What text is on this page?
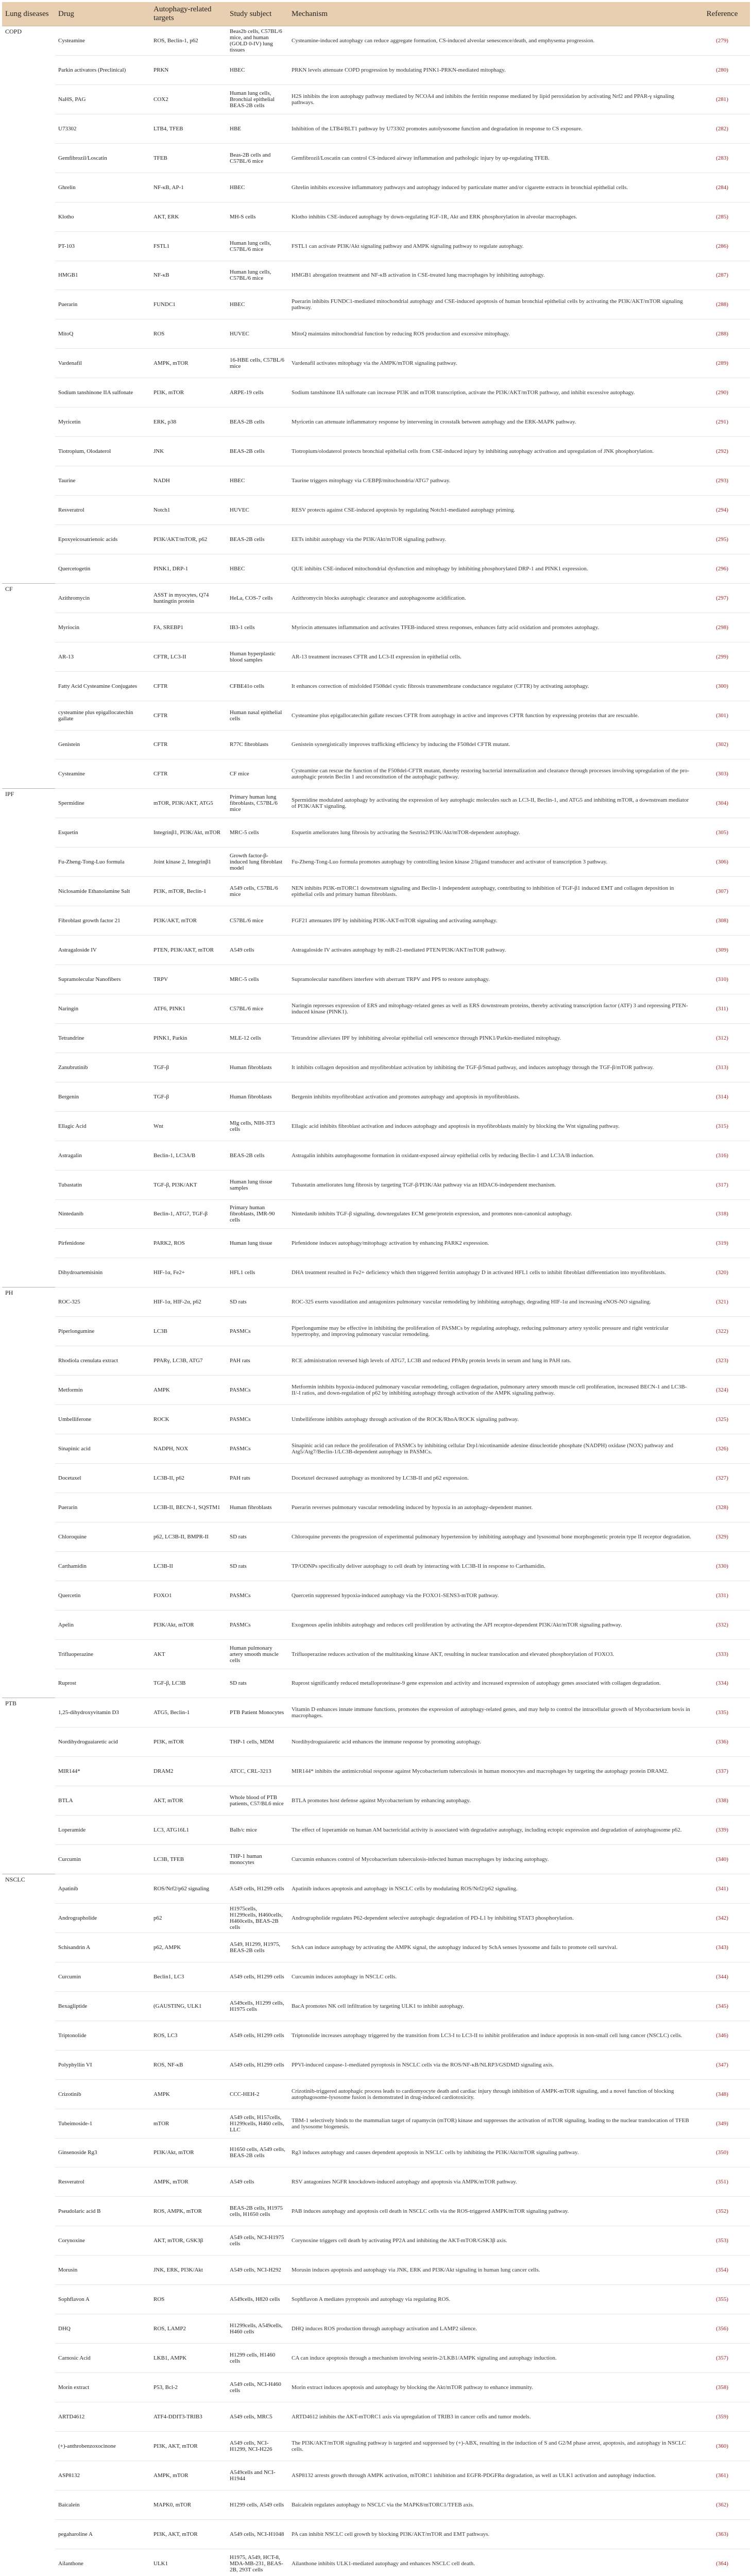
Lung diseases	Drug	Autophagy-related targets	Study subject	Mechanism	Reference
COPD	Cysteamine	ROS, Beclin-1, p62	Beas2b cells, C57BL/6 mice, and human (GOLD 0-IV) lung tissues	Cysteamine-induced autophagy can reduce aggregate formation, CS-induced alveolar senescence/death, and emphysema progression.	(279)
	Parkin activators (Preclinical)	PRKN	HBEC	PRKN levels attenuate COPD progression by modulating PINK1-PRKN-mediated mitophagy.	(280)
	NaHS, PAG	COX2	Human lung cells, Bronchial epithelial BEAS-2B cells	H2S inhibits the iron autophagy pathway mediated by NCOA4 and inhibits the ferritin response mediated by lipid peroxidation by activating Nrf2 and PPAR-γ signaling pathways.	(281)
	U73302	LTB4, TFEB	HBE	Inhibition of the LTB4/BLT1 pathway by U73302 promotes autolysosome function and degradation in response to CS exposure.	(282)
	Gemfibrozil/Loscatin	TFEB	Beas-2B cells and C57BL/6 mice	Gemfibrozil/Loscatin can control CS-induced airway inflammation and pathologic injury by up-regulating TFEB.	(283)
	Ghrelin	NF-κB, AP-1	HBEC	Ghrelin inhibits excessive inflammatory pathways and autophagy induced by particulate matter and/or cigarette extracts in bronchial epithelial cells.	(284)
	Klotho	AKT, ERK	MH-S cells	Klotho inhibits CSE-induced autophagy by down-regulating IGF-1R, Akt and ERK phosphorylation in alveolar macrophages.	(285)
	PT-103	FSTL1	Human lung cells, C57BL/6 mice	FSTL1 can activate PI3K/Akt signaling pathway and AMPK signaling pathway to regulate autophagy.	(286)
	HMGB1	NF-κB	Human lung cells, C57BL/6 mice	HMGB1 abrogation treatment and NF-κB activation in CSE-treated lung macrophages by inhibiting autophagy.	(287)
	Puerarin	FUNDC1	HBEC	Puerarin inhibits FUNDC1-mediated mitochondrial autophagy and CSE-induced apoptosis of human bronchial epithelial cells by activating the PI3K/AKT/mTOR signaling pathway.	(288)
	MitoQ	ROS	HUVEC	MitoQ maintains mitochondrial function by reducing ROS production and excessive mitophagy.	(288)
	Vardenafil	AMPK, mTOR	16-HBE cells, C57BL/6 mice	Vardenafil activates mitophagy via the AMPK/mTOR signaling pathway.	(289)
	Sodium tanshinone IIA sulfonate	PI3K, mTOR	ARPE-19 cells	Sodium tanshinone IIA sulfonate can increase PI3K and mTOR transcription, activate the PI3K/AKT/mTOR pathway, and inhibit excessive autophagy.	(290)
	Myricetin	ERK, p38	BEAS-2B cells	Myricetin can attenuate inflammatory response by intervening in crosstalk between autophagy and the ERK-MAPK pathway.	(291)
	Tiotropium, Olodaterol	JNK	BEAS-2B cells	Tiotropium/olodaterol protects bronchial epithelial cells from CSE-induced injury by inhibiting autophagy activation and upregulation of JNK phosphorylation.	(292)
	Taurine	NADH	HBEC	Taurine triggers mitophagy via C/EBPβ/mitochondria/ATG7 pathway.	(293)
	Resveratrol	Notch1	HUVEC	RESV protects against CSE-induced apoptosis by regulating Notch1-mediated autophagy priming.	(294)
	Epoxyeicosatrienoic acids	PI3K/AKT/mTOR, p62	BEAS-2B cells	EETs inhibit autophagy via the PI3K/Akt/mTOR signaling pathway.	(295)
	Quercetogetin	PINK1, DRP-1	HBEC	QUE inhibits CSE-induced mitochondrial dysfunction and mitophagy by inhibiting phosphorylated DRP-1 and PINK1 expression.	(296)
CF	Azithromycin	ASST in myocytes, Q74 huntingtin protein	HeLa, COS-7 cells	Azithromycin blocks autophagic clearance and autophagosome acidification.	(297)
	Myriocin	FA, SREBP1	IB3-1 cells	Myriocin attenuates inflammation and activates TFEB-induced stress responses, enhances fatty acid oxidation and promotes autophagy.	(298)
	AR-13	CFTR, LC3-II	Human hyperplastic blood samples	AR-13 treatment increases CFTR and LC3-II expression in epithelial cells.	(299)
	Fatty Acid Cysteamine Conjugates	CFTR	CFBE41o cells	It enhances correction of misfolded F508del cystic fibrosis transmembrane conductance regulator (CFTR) by activating autophagy.	(300)
	cysteamine plus epigallocatechin gallate	CFTR	Human nasal epithelial cells	Cysteamine plus epigallocatechin gallate rescues CFTR from autophagy in active and improves CFTR function by expressing proteins that are rescuable.	(301)
	Genistein	CFTR	R77C fibroblasts	Genistein synergistically improves trafficking efficiency by inducing the F508del CFTR mutant.	(302)
	Cysteamine	CFTR	CF mice	Cysteamine can rescue the function of the F508del-CFTR mutant, thereby restoring bacterial internalization and clearance through processes involving upregulation of the pro-autophagic protein Beclin 1 and reconstitution of the autophagic pathway.	(303)
IPF	Spermidine	mTOR, PI3K/AKT, ATG5	Primary human lung fibroblasts, C57BL/6 mice	Spermidine modulated autophagy by activating the expression of key autophagic molecules such as LC3-II, Beclin-1, and ATG5 and inhibiting mTOR, a downstream mediator of PI3K/AKT signaling.	(304)
	Esquetin	Integrinβ1, PI3K/Akt, mTOR	MRC-5 cells	Esquetin ameliorates lung fibrosis by activating the Sestrin2/PI3K/Akt/mTOR-dependent autophagy.	(305)
	Fu-Zheng-Tong-Luo formula	Joint kinase 2, Integrinβ1	Growth factor-β-induced lung fibroblast model	Fu-Zheng-Tong-Luo formula promotes autophagy by controlling lesion kinase 2/ligand transducer and activator of transcription 3 pathway.	(306)
	Niclosamide Ethanolamine Salt	PI3K, mTOR, Beclin-1	A549 cells, C57BL/6 mice	NEN inhibits PI3K-mTORC1 downstream signaling and Beclin-1 independent autophagy, contributing to inhibition of TGF-β1 induced EMT and collagen deposition in epithelial cells and primary human fibroblasts.	(307)
	Fibroblast growth factor 21	PI3K/AKT, mTOR	C57BL/6 mice	FGF21 attenuates IPF by inhibiting PI3K-AKT-mTOR signaling and activating autophagy.	(308)
	Astragaloside IV	PTEN, PI3K/AKT, mTOR	A549 cells	Astragaloside IV activates autophagy by miR-21-mediated PTEN/PI3K/AKT/mTOR pathway.	(309)
	Supramolecular Nanofibers	TRPV	MRC-5 cells	Supramolecular nanofibers interfere with aberrant TRPV and PPS to restore autophagy.	(310)
	Naringin	ATF6, PINK1	C57BL/6 mice	Naringin represses expression of ERS and mitophagy-related genes as well as ERS downstream proteins, thereby activating transcription factor (ATF) 3 and repressing PTEN-induced kinase (PINK1).	(311)
	Tetrandrine	PINK1, Parkin	MLE-12 cells	Tetrandrine alleviates IPF by inhibiting alveolar epithelial cell senescence through PINK1/Parkin-mediated mitophagy.	(312)
	Zanubrutinib	TGF-β	Human fibroblasts	It inhibits collagen deposition and myofibroblast activation by inhibiting the TGF-β/Smad pathway, and induces autophagy through the TGF-β/mTOR pathway.	(313)
	Bergenin	TGF-β	Human fibroblasts	Bergenin inhibits myofibroblast activation and promotes autophagy and apoptosis in myofibroblasts.	(314)
	Ellagic Acid	Wnt	Mlg cells, NIH-3T3 cells	Ellagic acid inhibits fibroblast activation and induces autophagy and apoptosis in myofibroblasts mainly by blocking the Wnt signaling pathway.	(315)
	Astragalin	Beclin-1, LC3A/B	BEAS-2B cells	Astragalin inhibits autophagosome formation in oxidant-exposed airway epithelial cells by reducing Beclin-1 and LC3A/B induction.	(316)
	Tubastatin	TGF-β, PI3K/AKT	Human lung tissue samples	Tubastatin ameliorates lung fibrosis by targeting TGF-β/PI3K/Akt pathway via an HDAC6-independent mechanism.	(317)
	Nintedanib	Beclin-1, ATG7, TGF-β	Primary human fibroblasts, IMR-90 cells	Nintedanib inhibits TGF-β signaling, downregulates ECM gene/protein expression, and promotes non-canonical autophagy.	(318)
	Pirfenidone	PARK2, ROS	Human lung tissue	Pirfenidone induces autophagy/mitophagy activation by enhancing PARK2 expression.	(319)
	Dihydroartemisinin	HIF-1α, Fe2+	HFL1 cells	DHA treatment resulted in Fe2+ deficiency which then triggered ferritin autophagy D in activated HFL1 cells to inhibit fibroblast differentiation into myofibroblasts.	(320)
PH	ROC-325	HIF-1α, HIF-2α, p62	SD rats	ROC-325 exerts vasodilation and antagonizes pulmonary vascular remodeling by inhibiting autophagy, degrading HIF-1α and increasing eNOS-NO signaling.	(321)
	Piperlongumine	LC3B	PASMCs	Piperlongumine may be effective in inhibiting the proliferation of PASMCs by regulating autophagy, reducing pulmonary artery systolic pressure and right ventricular hypertrophy, and improving pulmonary vascular remodeling.	(322)
	Rhodiola crenulata extract	PPARγ, LC3B, ATG7	PAH rats	RCE administration reversed high levels of ATG7, LC3B and reduced PPARγ protein levels in serum and lung in PAH rats.	(323)
	Metformin	AMPK	PASMCs	Metformin inhibits hypoxia-induced pulmonary vascular remodeling, collagen degradation, pulmonary artery smooth muscle cell proliferation, increased BECN-1 and LC3B-II/-I ratios, and down-regulation of p62 by inhibiting autophagy through activation of the AMPK signaling pathway.	(324)
	Umbelliferone	ROCK	PASMCs	Umbelliferone inhibits autophagy through activation of the ROCK/RhoA/ROCK signaling pathway.	(325)
	Sinapinic acid	NADPH, NOX	PASMCs	Sinapinic acid can reduce the proliferation of PASMCs by inhibiting cellular Drp1/nicotinamide adenine dinucleotide phosphate (NADPH) oxidase (NOX) pathway and Atg5/Atg7/Beclin-1/LC3B-dependent autophagy in PASMCs.	(326)
	Docetaxel	LC3B-II, p62	PAH rats	Docetaxel decreased autophagy as monitored by LC3B-II and p62 expression.	(327)
	Puerarin	LC3B-II, BECN-1, SQSTM1	Human fibroblasts	Puerarin reverses pulmonary vascular remodeling induced by hypoxia in an autophagy-dependent manner.	(328)
	Chloroquine	p62, LC3B-II, BMPR-II	SD rats	Chloroquine prevents the progression of experimental pulmonary hypertension by inhibiting autophagy and lysosomal bone morphogenetic protein type II receptor degradation.	(329)
	Carthamidin	LC3B-II	SD rats	TP/ODNPs specifically deliver autophagy to cell death by interacting with LC3B-II in response to Carthamidin.	(330)
	Quercetin	FOXO1	PASMCs	Quercetin suppressed hypoxia-induced autophagy via the FOXO1-SENS3-mTOR pathway.	(331)
	Apelin	PI3K/Akt, mTOR	PASMCs	Exogenous apelin inhibits autophagy and reduces cell proliferation by activating the API receptor-dependent PI3K/Akt/mTOR signaling pathway.	(332)
	Trifluoperazine	AKT	Human pulmonary artery smooth muscle cells	Trifluoperazine reduces activation of the multitasking kinase AKT, resulting in nuclear translocation and elevated phosphorylation of FOXO3.	(333)
	Ruprost	TGF-β, LC3B	SD rats	Ruprost significantly reduced metalloproteinase-9 gene expression and activity and increased expression of autophagy genes associated with collagen degradation.	(334)
PTB	1,25-dihydroxyvitamin D3	ATG5, Beclin-1	PTB Patient Monocytes	Vitamin D enhances innate immune functions, promotes the expression of autophagy-related genes, and may help to control the intracellular growth of Mycobacterium bovis in macrophages.	(335)
	Nordihydroguaiaretic acid	PI3K, mTOR	THP-1 cells, MDM	Nordihydroguaiaretic acid enhances the immune response by promoting autophagy.	(336)
	MIR144*	DRAM2	ATCC, CRL-3213	MIR144* inhibits the antimicrobial response against Mycobacterium tuberculosis in human monocytes and macrophages by targeting the autophagy protein DRAM2.	(337)
	BTLA	AKT, mTOR	Whole blood of PTB patients, C57/BL6 mice	BTLA promotes host defense against Mycobacterium by enhancing autophagy.	(338)
	Loperamide	LC3, ATG16L1	Balb/c mice	The effect of loperamide on human AM bactericidal activity is associated with degradative autophagy, including ectopic expression and degradation of autophagosome p62.	(339)
	Curcumin	LC3B, TFEB	THP-1 human monocytes	Curcumin enhances control of Mycobacterium tuberculosis-infected human macrophages by inducing autophagy.	(340)
NSCLC	Apatinib	ROS/Nrf2/p62 signaling	A549 cells, H1299 cells	Apatinib induces apoptosis and autophagy in NSCLC cells by modulating ROS/Nrf2/p62 signaling.	(341)
	Andrographolide	p62	H1975cells, H1299cells, H460cells, H460cells, BEAS-2B cells	Andrographolide regulates P62-dependent selective autophagic degradation of PD-L1 by inhibiting STAT3 phosphorylation.	(342)
	Schisandrin A	p62, AMPK	A549, H1299, H1975, BEAS-2B cells	SchA can induce autophagy by activating the AMPK signal, the autophagy induced by SchA senses lysosome and fails to promote cell survival.	(343)
	Curcumin	Beclin1, LC3	A549 cells, H1299 cells	Curcumin induces autophagy in NSCLC cells.	(344)
	Bexagliptide	(GAUSTING, ULK1	A549cells, H1299 cells, H1975 cells	BacA promotes NK cell infiltration by targeting ULK1 to inhibit autophagy.	(345)
	Triptonolide	ROS, LC3	A549 cells, H1299 cells	Triptonolide increases autophagy triggered by the transition from LC3-I to LC3-II to inhibit proliferation and induce apoptosis in non-small cell lung cancer (NSCLC) cells.	(346)
	Polyphyllin VI	ROS, NF-κB	A549 cells, H1299 cells	PPVI-induced caspase-1-mediated pyroptosis in NSCLC cells via the ROS/NF-κB/NLRP3/GSDMD signaling axis.	(347)
	Crizotinib	AMPK	CCC-HEH-2	Crizotinib-triggered autophagic process leads to cardiomyocyte death and cardiac injury through inhibition of AMPK-mTOR signaling, and a novel function of blocking autophagosome-lysosome fusion is demonstrated in drug-induced cardiotoxicity.	(348)
	Tubeimoside-1	mTOR	A549 cells, H157cells, H1299cells, H460 cells, LLC	TBM-1 selectively binds to the mammalian target of rapamycin (mTOR) kinase and suppresses the activation of mTOR signaling, leading to the nuclear translocation of TFEB and lysosome biogenesis.	(349)
	Ginsenoside Rg3	PI3K/Akt, mTOR	H1650 cells, A549 cells, BEAS-2B cells	Rg3 induces autophagy and causes dependent apoptosis in NSCLC cells by inhibiting the PI3K/Akt/mTOR signaling pathway.	(350)
	Resveratrol	AMPK, mTOR	A549 cells	RSV antagonizes NGFR knockdown-induced autophagy and apoptosis via AMPK/mTOR pathway.	(351)
	Pseudolaric acid B	ROS, AMPK, mTOR	BEAS-2B cells, H1975 cells, H1650 cells	PAB induces autophagy and apoptosis cell death in NSCLC cells via the ROS-triggered AMPK/mTOR signaling pathway.	(352)
	Corynoxine	AKT, mTOR, GSK3β	A549 cells, NCI-H1975 cells	Corynoxine triggers cell death by activating PP2A and inhibiting the AKT-mTOR/GSK3β axis.	(353)
	Morusin	JNK, ERK, PI3K/Akt	A549 cells, NCI-H292	Morusin induces apoptosis and autophagy via JNK, ERK and PI3K/Akt signaling in human lung cancer cells.	(354)
	Sophflavon A	ROS	A549cells, H820 cells	Sophflavon A mediates pyroptosis and autophagy via regulating ROS.	(355)
	DHQ	ROS, LAMP2	H1299cells, A549cells, H460 cells	DHQ induces ROS production through autophagy activation and LAMP2 silence.	(356)
	Carnosic Acid	LKB1, AMPK	H1299 cells, H1460 cells	CA can induce apoptosis through a mechanism involving sestrin-2/LKB1/AMPK signaling and autophagy induction.	(357)
	Morin extract	P53, Bcl-2	A549 cells, NCI-H460 cells	Morin extract induces apoptosis and autophagy by blocking the Akt/mTOR pathway to enhance immunity.	(358)
	ARTD4612	ATF4-DDIT3-TRIB3	A549 cells, MRC5	ARTD4612 inhibits the AKT-mTORC1 axis via upregulation of TRIB3 in cancer cells and tumor models.	(359)
	(+)-anthrobenzoxocinone	PI3K, AKT, mTOR	A549 cells, NCI-H1299, NCI-H226	The PI3K/AKT/mTOR signaling pathway is targeted and suppressed by (+)-ABX, resulting in the induction of S and G2/M phase arrest, apoptosis, and autophagy in NSCLC cells.	(360)
	ASP8132	AMPK, mTOR	A549cells and NCI-H1944	ASP8132 arrests growth through AMPK activation, mTORC1 inhibition and EGFR-PDGFRα degradation, as well as ULK1 activation and autophagy induction.	(361)
	Baicalein	MAPK0, mTOR	H1299 cells, A549 cells	Baicalein regulates autophagy to NSCLC via the MAPK8/mTORC1/TFEB axis.	(362)
	pegaharoline A	PI3K, AKT, mTOR	A549 cells, NCI-H1048	PA can inhibit NSCLC cell growth by blocking PI3K/AKT/mTOR and EMT pathways.	(363)
	Ailanthone	ULK1	H1975, A549, HCT-8, MDA-MB-231, BEAS-2B, 293T cells	Ailanthone inhibits ULK1-mediated autophagy and enhances NSCLC cell death.	(364)
